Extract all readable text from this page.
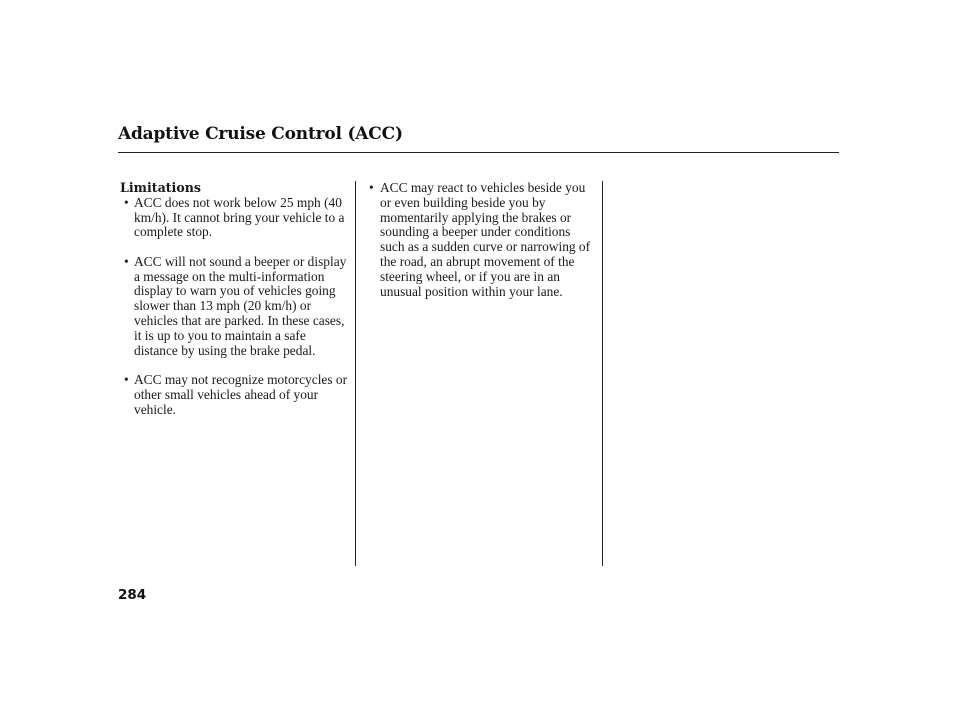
Adaptive Cruise Control (ACC)

Limitations

• ACC does not work below 25 mph (40 km/h). It cannot bring your vehicle to a complete stop.
• ACC will not sound a beeper or display a message on the multi-information display to warn you of vehicles going slower than 13 mph (20 km/h) or vehicles that are parked. In these cases, it is up to you to maintain a safe distance by using the brake pedal.
• ACC may not recognize motorcycles or other small vehicles ahead of your vehicle.
• ACC may react to vehicles beside you or even building beside you by momentarily applying the brakes or sounding a beeper under conditions such as a sudden curve or narrowing of the road, an abrupt movement of the steering wheel, or if you are in an unusual position within your lane.
284
